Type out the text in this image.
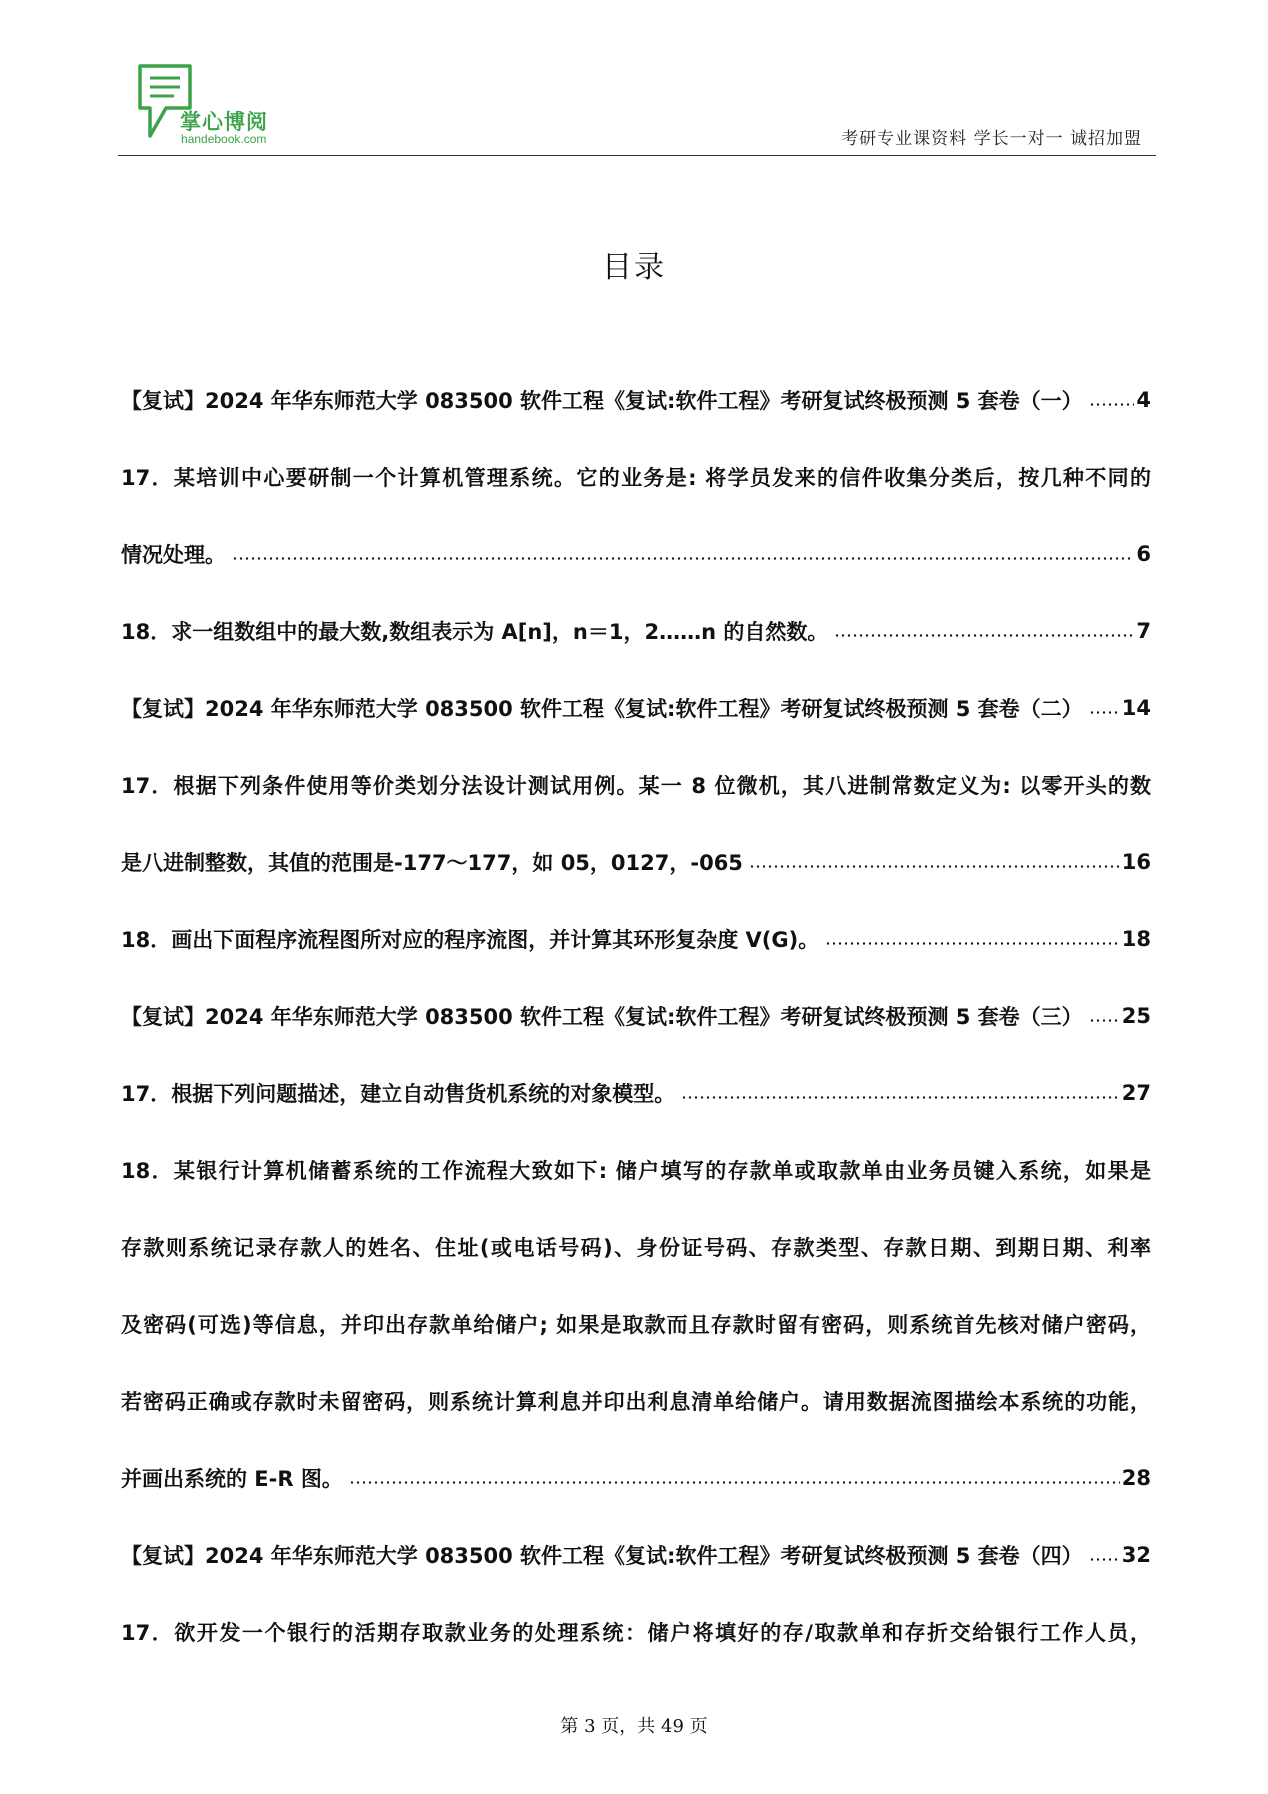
掌心博阅
handebook.com	考研专业课资料 学长一对一 诚招加盟
目录
【复试】2024 年华东师范大学 083500 软件工程《复试:软件工程》考研复试终极预测 5 套卷（一）	4
17．某培训中心要研制一个计算机管理系统。它的业务是: 将学员发来的信件收集分类后，按几种不同的
情况处理。	6
18．求一组数组中的最大数,数组表示为 A[n]，n＝1，2……n 的自然数。	7
【复试】2024 年华东师范大学 083500 软件工程《复试:软件工程》考研复试终极预测 5 套卷（二） 14
17．根据下列条件使用等价类划分法设计测试用例。某一 8 位微机，其八进制常数定义为: 以零开头的数
是八进制整数，其值的范围是-177～177，如 05，0127，-065	16
18．画出下面程序流程图所对应的程序流图，并计算其环形复杂度 V(G)。	18
【复试】2024 年华东师范大学 083500 软件工程《复试:软件工程》考研复试终极预测 5 套卷（三） 25
17．根据下列问题描述，建立自动售货机系统的对象模型。	27
18．某银行计算机储蓄系统的工作流程大致如下: 储户填写的存款单或取款单由业务员键入系统，如果是
存款则系统记录存款人的姓名、住址(或电话号码)、身份证号码、存款类型、存款日期、到期日期、利率
及密码(可选)等信息，并印出存款单给储户; 如果是取款而且存款时留有密码，则系统首先核对储户密码，
若密码正确或存款时未留密码，则系统计算利息并印出利息清单给储户。请用数据流图描绘本系统的功能，
并画出系统的 E-R 图。	28
【复试】2024 年华东师范大学 083500 软件工程《复试:软件工程》考研复试终极预测 5 套卷（四） 32
17．欲开发一个银行的活期存取款业务的处理系统：储户将填好的存/取款单和存折交给银行工作人员，
第 3 页，共 49 页
